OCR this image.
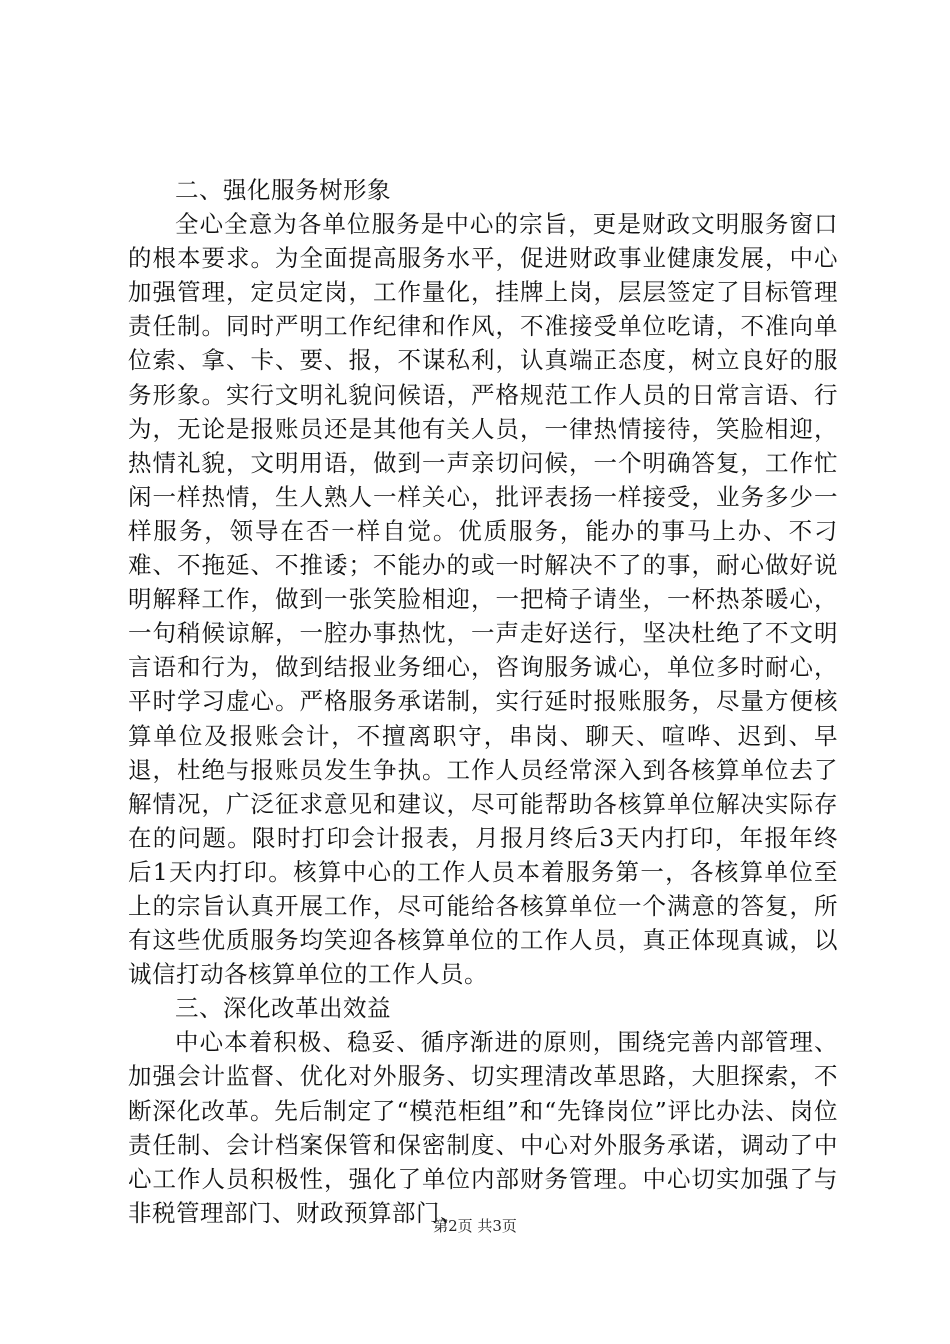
二、强化服务树形象

全心全意为各单位服务是中心的宗旨，更是财政文明服务窗口的根本要求。为全面提高服务水平，促进财政事业健康发展，中心加强管理，定员定岗，工作量化，挂牌上岗，层层签定了目标管理责任制。同时严明工作纪律和作风，不准接受单位吃请，不准向单位索、拿、卡、要、报，不谋私利，认真端正态度，树立良好的服务形象。实行文明礼貌问候语，严格规范工作人员的日常言语、行为，无论是报账员还是其他有关人员，一律热情接待，笑脸相迎，热情礼貌，文明用语，做到一声亲切问候，一个明确答复，工作忙闲一样热情，生人熟人一样关心，批评表扬一样接受，业务多少一样服务，领导在否一样自觉。优质服务，能办的事马上办、不刁难、不拖延、不推诿；不能办的或一时解决不了的事，耐心做好说明解释工作，做到一张笑脸相迎，一把椅子请坐，一杯热茶暖心，一句稍候谅解，一腔办事热忱，一声走好送行，坚决杜绝了不文明言语和行为，做到结报业务细心，咨询服务诚心，单位多时耐心，平时学习虚心。严格服务承诺制，实行延时报账服务，尽量方便核算单位及报账会计，不擅离职守，串岗、聊天、喧哗、迟到、早退，杜绝与报账员发生争执。工作人员经常深入到各核算单位去了解情况，广泛征求意见和建议，尽可能帮助各核算单位解决实际存在的问题。限时打印会计报表，月报月终后3天内打印，年报年终后1天内打印。核算中心的工作人员本着服务第一，各核算单位至上的宗旨认真开展工作，尽可能给各核算单位一个满意的答复，所有这些优质服务均笑迎各核算单位的工作人员，真正体现真诚，以诚信打动各核算单位的工作人员。

三、深化改革出效益

中心本着积极、稳妥、循序渐进的原则，围绕完善内部管理、加强会计监督、优化对外服务、切实理清改革思路，大胆探索，不断深化改革。先后制定了“模范柜组”和“先锋岗位”评比办法、岗位责任制、会计档案保管和保密制度、中心对外服务承诺，调动了中心工作人员积极性，强化了单位内部财务管理。中心切实加强了与非税管理部门、财政预算部门、

第2页 共3页
